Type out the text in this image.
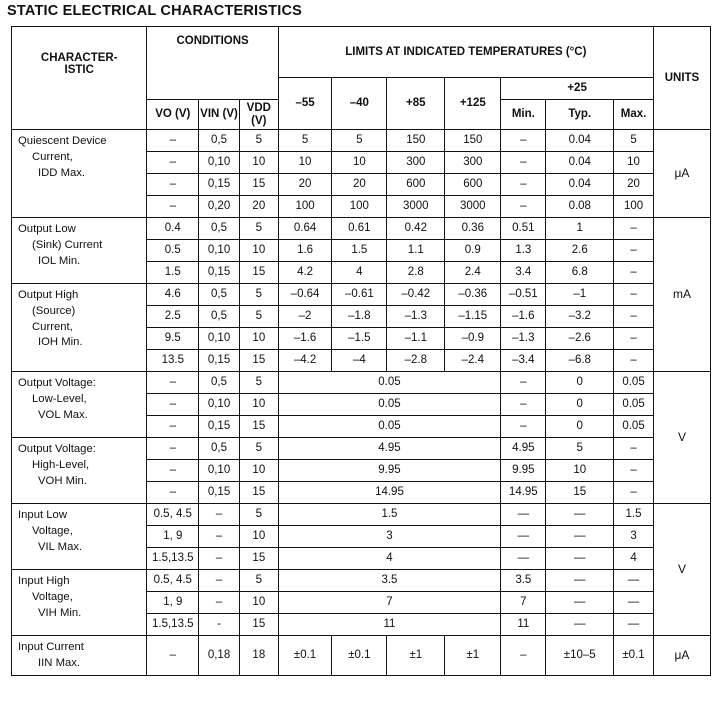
STATIC ELECTRICAL CHARACTERISTICS
CHARACTER-
ISTIC	CONDITIONS			LIMITS AT INDICATED TEMPERATURES (°C)							UNITS
				–55	–40	+85	+125	+25			
	VO (V)	VIN (V)	VDD (V)					Min.	Typ.	Max.	

Quiescent Device
Current,
IDD Max.	–	0,5	5	5	5	150	150	–	0.04	5	μA
	–	0,10	10	10	10	300	300	–	0.04	10	
	–	0,15	15	20	20	600	600	–	0.04	20	
	–	0,20	20	100	100	3000	3000	–	0.08	100	

Output Low
(Sink) Current
IOL Min.	0.4	0,5	5	0.64	0.61	0.42	0.36	0.51	1	–	mA
	0.5	0,10	10	1.6	1.5	1.1	0.9	1.3	2.6	–	
	1.5	0,15	15	4.2	4	2.8	2.4	3.4	6.8	–	

Output High
(Source)
Current,
IOH Min.	4.6	0,5	5	–0.64	–0.61	–0.42	–0.36	–0.51	–1	–	
	2.5	0,5	5	–2	–1.8	–1.3	–1.15	–1.6	–3.2	–	
	9.5	0,10	10	–1.6	–1.5	–1.1	–0.9	–1.3	–2.6	–	
	13.5	0,15	15	–4.2	–4	–2.8	–2.4	–3.4	–6.8	–	

Output Voltage:
Low-Level,
VOL Max.	–	0,5	5	0.05				–	0	0.05	V
	–	0,10	10	0.05				–	0	0.05	
	–	0,15	15	0.05				–	0	0.05	

Output Voltage:
High-Level,
VOH Min.	–	0,5	5	4.95				4.95	5	–	
	–	0,10	10	9.95				9.95	10	–	
	–	0,15	15	14.95				14.95	15	–	

Input Low
Voltage,
VIL Max.	0.5, 4.5	–	5	1.5				—	—	1.5	V
	1, 9	–	10	3				—	—	3	
	1.5,13.5	–	15	4				—	—	4	

Input High
Voltage,
VIH Min.	0.5, 4.5	–	5	3.5				3.5	—	—	
	1, 9	–	10	7				7	—	—	
	1.5,13.5	-	15	11				11	—	—	

Input Current
IIN Max.	–	0,18	18	±0.1	±0.1	±1	±1	–	±10–5	±0.1	μA
